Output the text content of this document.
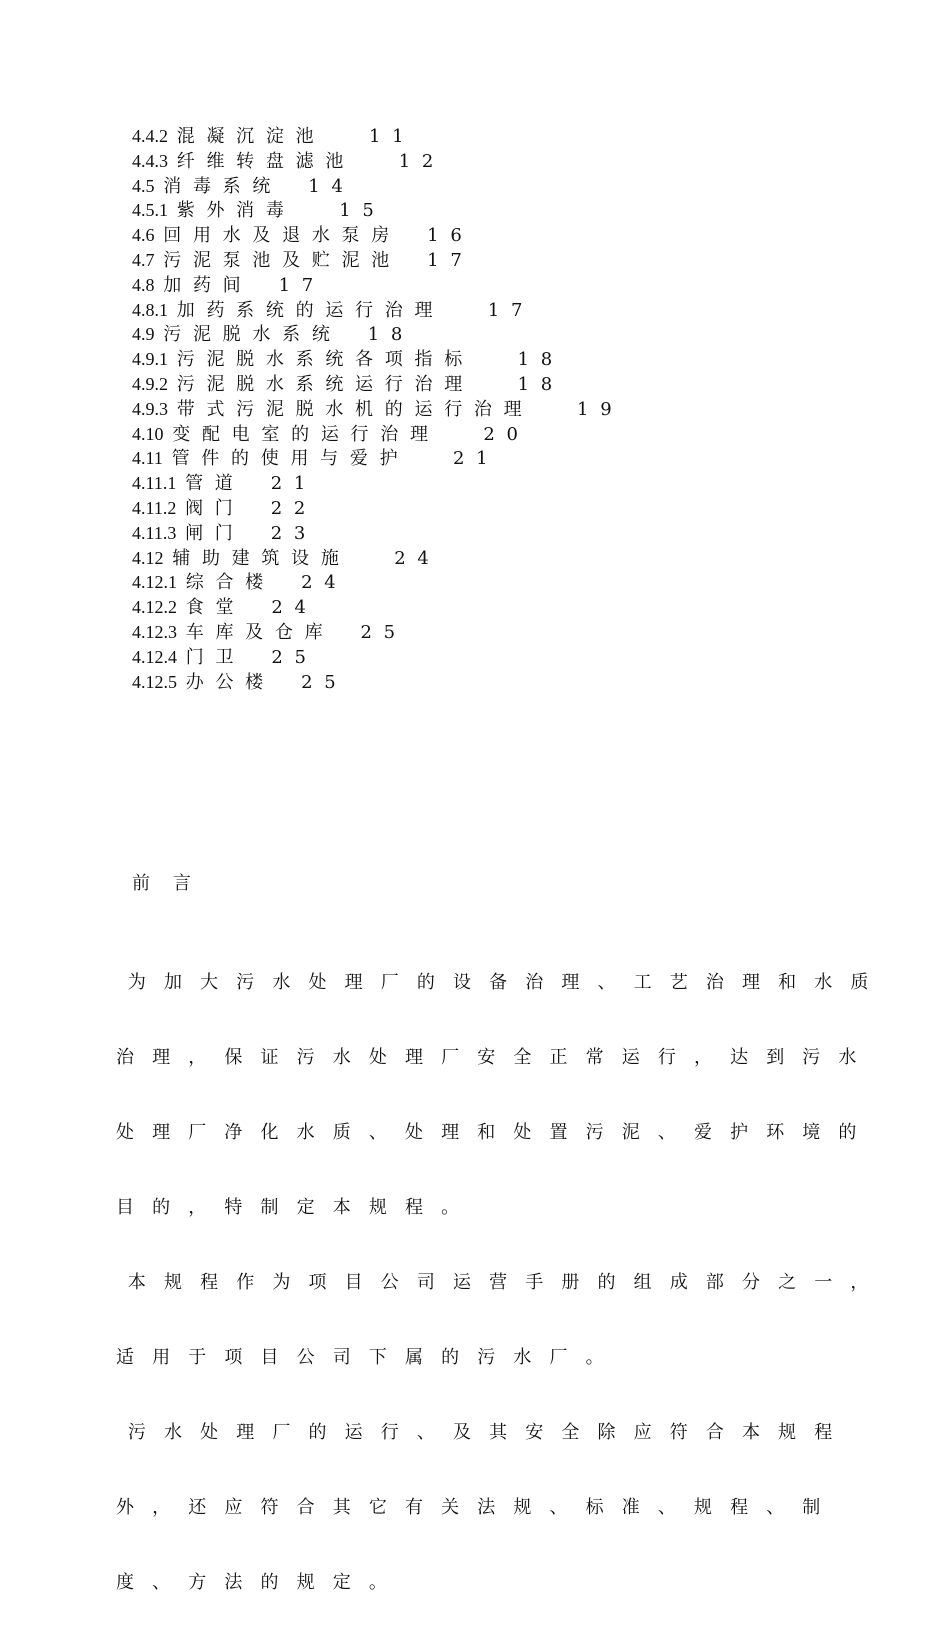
4.4.2 混 凝 沉 淀 池	1 1
4.4.3 纤 维 转 盘 滤 池	1 2
4.5 消 毒 系 统 1 4
4.5.1 紫 外 消 毒	1 5
4.6 回 用 水 及 退 水 泵 房 1 6
4.7 污 泥 泵 池 及 贮 泥 池 1 7
4.8 加 药 间 1 7
4.8.1 加 药 系 统 的 运 行 治 理	1 7
4.9 污 泥 脱 水 系 统 1 8
4.9.1 污 泥 脱 水 系 统 各 项 指 标	1 8
4.9.2 污 泥 脱 水 系 统 运 行 治 理	1 8
4.9.3 带 式 污 泥 脱 水 机 的 运 行 治 理	1 9
4.10 变 配 电 室 的 运 行 治 理	2 0
4.11 管 件 的 使 用 与 爱 护	2 1
4.11.1 管 道 2 1
4.11.2 阀 门 2 2
4.11.3 闸 门 2 3
4.12 辅 助 建 筑 设 施	2 4
4.12.1 综 合 楼 2 4
4.12.2 食 堂 2 4
4.12.3 车 库 及 仓 库 2 5
4.12.4 门 卫 2 5
4.12.5 办 公 楼 2 5
前    言

为 加 大 污 水 处 理 厂 的 设 备 治 理 、 工 艺 治 理 和 水 质

治 理 ， 保 证 污 水 处 理 厂 安 全 正 常 运 行 ， 达 到 污 水

处 理 厂 净 化 水 质 、 处 理 和 处 置 污 泥 、 爱 护 环 境 的

目 的 ， 特 制 定 本 规 程 。

本 规 程 作 为 项 目 公 司 运 营 手 册 的 组 成 部 分 之 一 ，

适 用 于 项 目 公 司 下 属 的 污 水 厂 。

污 水 处 理 厂 的 运 行 、 及 其 安 全 除 应 符 合 本 规 程

外 ， 还 应 符 合 其 它 有 关 法 规 、 标 准 、 规 程 、 制

度 、 方 法 的 规 定 。
